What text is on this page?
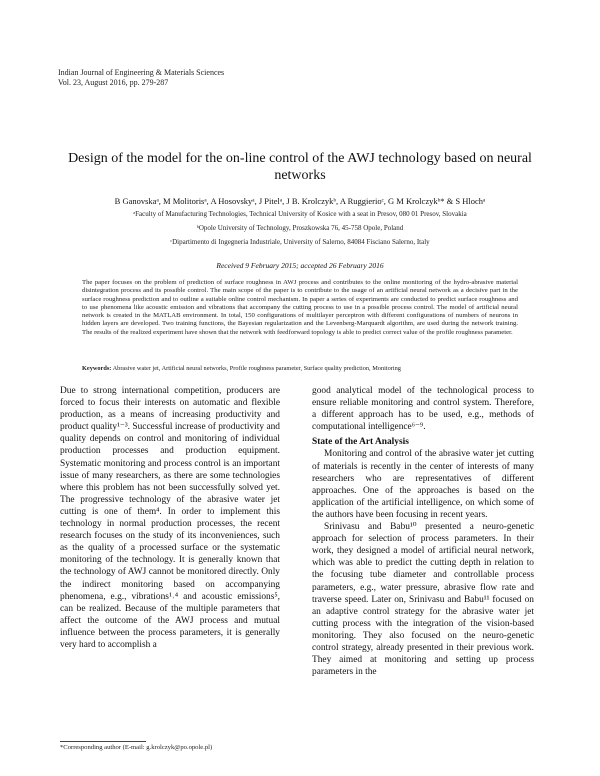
Indian Journal of Engineering & Materials Sciences
Vol. 23, August 2016, pp. 279-287
Design of the model for the on-line control of the AWJ technology based on neural networks
B Ganovskaᵃ, M Molitorisᵃ, A Hosovskyᵃ, J Pitelᵃ, J B. Krolczykᵇ, A Ruggierioᶜ, G M Krolczykᵇ* & S Hlochᵃ
ᵃFaculty of Manufacturing Technologies, Technical University of Kosice with a seat in Presov, 080 01 Presov, Slovakia
ᵇOpole University of Technology, Proszkowska 76, 45-758 Opole, Poland
ᶜDipartimento di Ingegneria Industriale, University of Salerno, 84084 Fisciano Salerno, Italy
Received 9 February 2015; accepted 26 February 2016
The paper focuses on the problem of prediction of surface roughness in AWJ process and contributes to the online monitoring of the hydro-abrasive material disintegration process and its possible control. The main scope of the paper is to contribute to the usage of an artificial neural network as a decisive part in the surface roughness prediction and to outline a suitable online control mechanism. In paper a series of experiments are conducted to predict surface roughness and to use phenomena like acoustic emission and vibrations that accompany the cutting process to use in a possible process control. The model of artificial neural network is created in the MATLAB environment. In total, 150 configurations of multilayer perceptron with different configurations of numbers of neurons in hidden layers are developed. Two training functions, the Bayesian regularization and the Levenberg-Marquardt algorithm, are used during the network training. The results of the realized experiment have shown that the network with feedforward topology is able to predict correct value of the profile roughness parameter.
Keywords: Abrasive water jet, Artificial neural networks, Profile roughness parameter, Surface quality prediction, Monitoring

Due to strong international competition, producers are forced to focus their interests on automatic and flexible production, as a means of increasing productivity and product quality¹⁻³. Successful increase of productivity and quality depends on control and monitoring of individual production processes and production equipment. Systematic monitoring and process control is an important issue of many researchers, as there are some technologies where this problem has not been successfully solved yet. The progressive technology of the abrasive water jet cutting is one of them⁴. In order to implement this technology in normal production processes, the recent research focuses on the study of its inconveniences, such as the quality of a processed surface or the systematic monitoring of the technology. It is generally known that the technology of AWJ cannot be monitored directly. Only the indirect monitoring based on accompanying phenomena, e.g., vibrations¹˒⁴ and acoustic emissions⁵, can be realized. Because of the multiple parameters that affect the outcome of the AWJ process and mutual influence between the process parameters, it is generally very hard to accomplish a

good analytical model of the technological process to ensure reliable monitoring and control system. Therefore, a different approach has to be used, e.g., methods of computational intelligence⁶⁻⁹.

State of the Art Analysis

Monitoring and control of the abrasive water jet cutting of materials is recently in the center of interests of many researchers who are representatives of different approaches. One of the approaches is based on the application of the artificial intelligence, on which some of the authors have been focusing in recent years.

Srinivasu and Babu¹⁰ presented a neuro-genetic approach for selection of process parameters. In their work, they designed a model of artificial neural network, which was able to predict the cutting depth in relation to the focusing tube diameter and controllable process parameters, e.g., water pressure, abrasive flow rate and traverse speed. Later on, Srinivasu and Babu¹¹ focused on an adaptive control strategy for the abrasive water jet cutting process with the integration of the vision-based monitoring. They also focused on the neuro-genetic control strategy, already presented in their previous work. They aimed at monitoring and setting up process parameters in the

*Corresponding author (E-mail: g.krolczyk@po.opole.pl)
